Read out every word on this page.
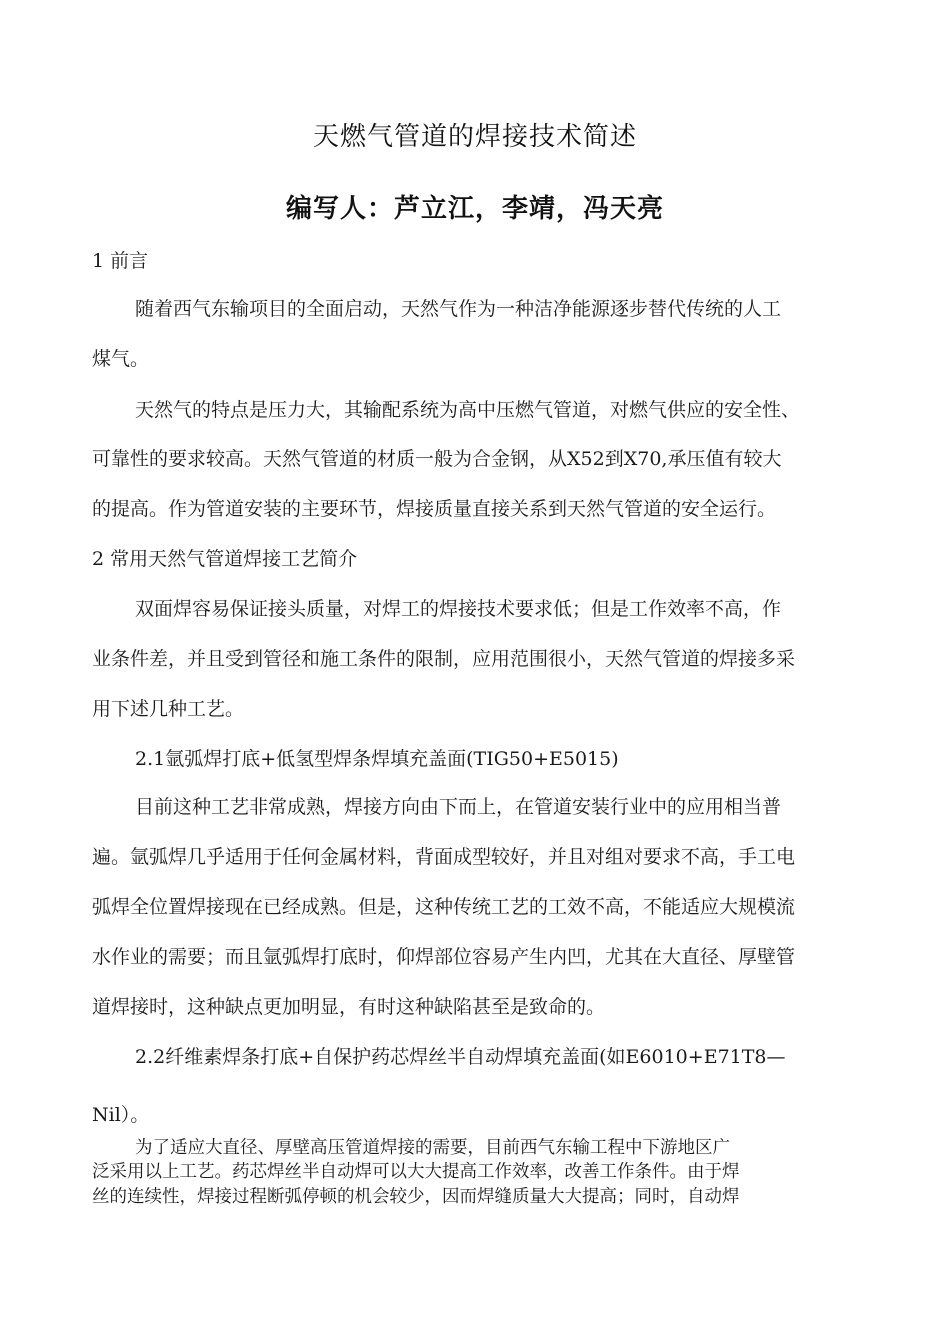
天燃气管道的焊接技术简述
编写人：芦立江，李靖，冯天亮
1 前言
随着西气东输项目的全面启动，天然气作为一种洁净能源逐步替代传统的人工
煤气。
天然气的特点是压力大，其输配系统为高中压燃气管道，对燃气供应的安全性、
可靠性的要求较高。天然气管道的材质一般为合金钢，从X52到X70,承压值有较大
的提高。作为管道安装的主要环节，焊接质量直接关系到天然气管道的安全运行。
2 常用天然气管道焊接工艺简介
双面焊容易保证接头质量，对焊工的焊接技术要求低；但是工作效率不高，作
业条件差，并且受到管径和施工条件的限制，应用范围很小，天然气管道的焊接多采
用下述几种工艺。
2.1氩弧焊打底+低氢型焊条焊填充盖面(TIG50+E5015)
目前这种工艺非常成熟，焊接方向由下而上，在管道安装行业中的应用相当普
遍。氩弧焊几乎适用于任何金属材料，背面成型较好，并且对组对要求不高，手工电
弧焊全位置焊接现在已经成熟。但是，这种传统工艺的工效不高，不能适应大规模流
水作业的需要；而且氩弧焊打底时，仰焊部位容易产生内凹，尤其在大直径、厚壁管
道焊接时，这种缺点更加明显，有时这种缺陷甚至是致命的。
2.2纤维素焊条打底+自保护药芯焊丝半自动焊填充盖面(如E6010+E71T8—
Nil）。
为了适应大直径、厚壁高压管道焊接的需要，目前西气东输工程中下游地区广
泛采用以上工艺。药芯焊丝半自动焊可以大大提高工作效率，改善工作条件。由于焊
丝的连续性，焊接过程断弧停顿的机会较少，因而焊缝质量大大提高；同时，自动焊
